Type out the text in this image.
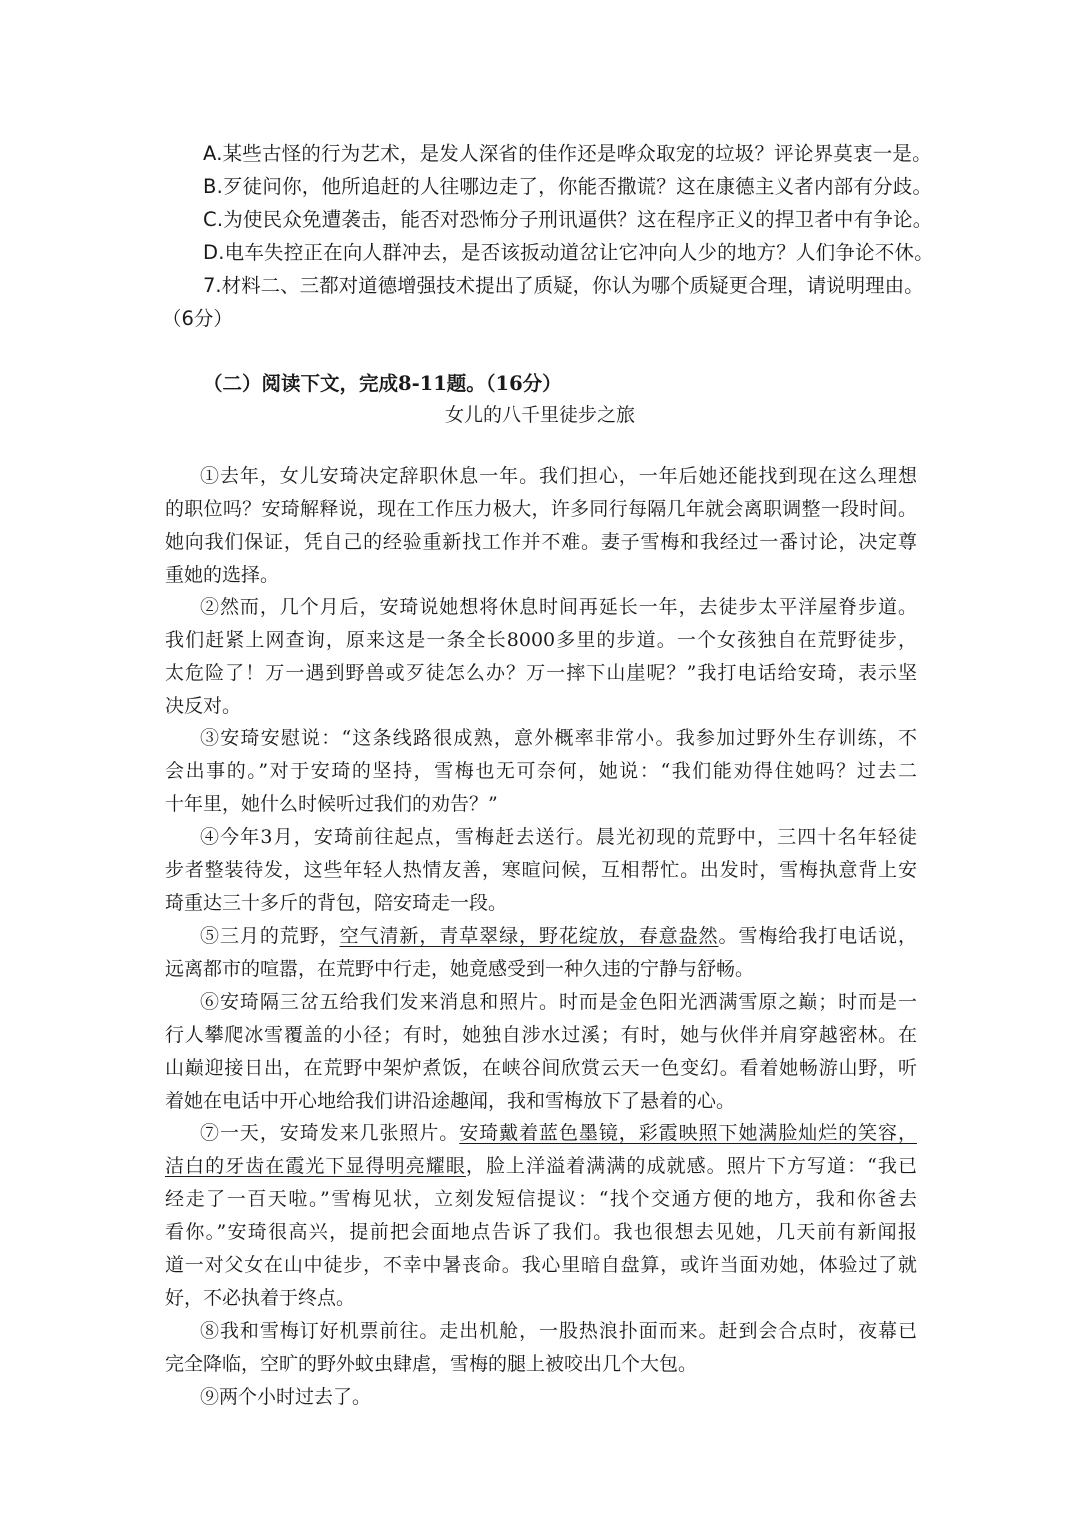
A.某些古怪的行为艺术，是发人深省的佳作还是哗众取宠的垃圾？评论界莫衷一是。
B.歹徒问你，他所追赶的人往哪边走了，你能否撒谎？这在康德主义者内部有分歧。
C.为使民众免遭袭击，能否对恐怖分子刑讯逼供？这在程序正义的捍卫者中有争论。
D.电车失控正在向人群冲去，是否该扳动道岔让它冲向人少的地方？人们争论不休。
7.材料二、三都对道德增强技术提出了质疑，你认为哪个质疑更合理，请说明理由。
（6分）
（二）阅读下文，完成8-11题。（16分）
女儿的八千里徒步之旅
①去年，女儿安琦决定辞职休息一年。我们担心，一年后她还能找到现在这么理想
的职位吗？安琦解释说，现在工作压力极大，许多同行每隔几年就会离职调整一段时间。
她向我们保证，凭自己的经验重新找工作并不难。妻子雪梅和我经过一番讨论，决定尊
重她的选择。
②然而，几个月后，安琦说她想将休息时间再延长一年，去徒步太平洋屋脊步道。
我们赶紧上网查询，原来这是一条全长8000多里的步道。一个女孩独自在荒野徒步，
太危险了！万一遇到野兽或歹徒怎么办？万一摔下山崖呢？”我打电话给安琦，表示坚
决反对。
③安琦安慰说：“这条线路很成熟，意外概率非常小。我参加过野外生存训练，不
会出事的。”对于安琦的坚持，雪梅也无可奈何，她说：“我们能劝得住她吗？过去二
十年里，她什么时候听过我们的劝告？”
④今年3月，安琦前往起点，雪梅赶去送行。晨光初现的荒野中，三四十名年轻徒
步者整装待发，这些年轻人热情友善，寒暄问候，互相帮忙。出发时，雪梅执意背上安
琦重达三十多斤的背包，陪安琦走一段。
⑤三月的荒野，空气清新，青草翠绿，野花绽放，春意盎然。雪梅给我打电话说，
远离都市的喧嚣，在荒野中行走，她竟感受到一种久违的宁静与舒畅。
⑥安琦隔三岔五给我们发来消息和照片。时而是金色阳光洒满雪原之巅；时而是一
行人攀爬冰雪覆盖的小径；有时，她独自涉水过溪；有时，她与伙伴并肩穿越密林。在
山巅迎接日出，在荒野中架炉煮饭，在峡谷间欣赏云天一色变幻。看着她畅游山野，听
着她在电话中开心地给我们讲沿途趣闻，我和雪梅放下了悬着的心。
⑦一天，安琦发来几张照片。安琦戴着蓝色墨镜，彩霞映照下她满脸灿烂的笑容，
洁白的牙齿在霞光下显得明亮耀眼，脸上洋溢着满满的成就感。照片下方写道：“我已
经走了一百天啦。”雪梅见状，立刻发短信提议：“找个交通方便的地方，我和你爸去
看你。”安琦很高兴，提前把会面地点告诉了我们。我也很想去见她，几天前有新闻报
道一对父女在山中徒步，不幸中暑丧命。我心里暗自盘算，或许当面劝她，体验过了就
好，不必执着于终点。
⑧我和雪梅订好机票前往。走出机舱，一股热浪扑面而来。赶到会合点时，夜幕已
完全降临，空旷的野外蚊虫肆虐，雪梅的腿上被咬出几个大包。
⑨两个小时过去了。
